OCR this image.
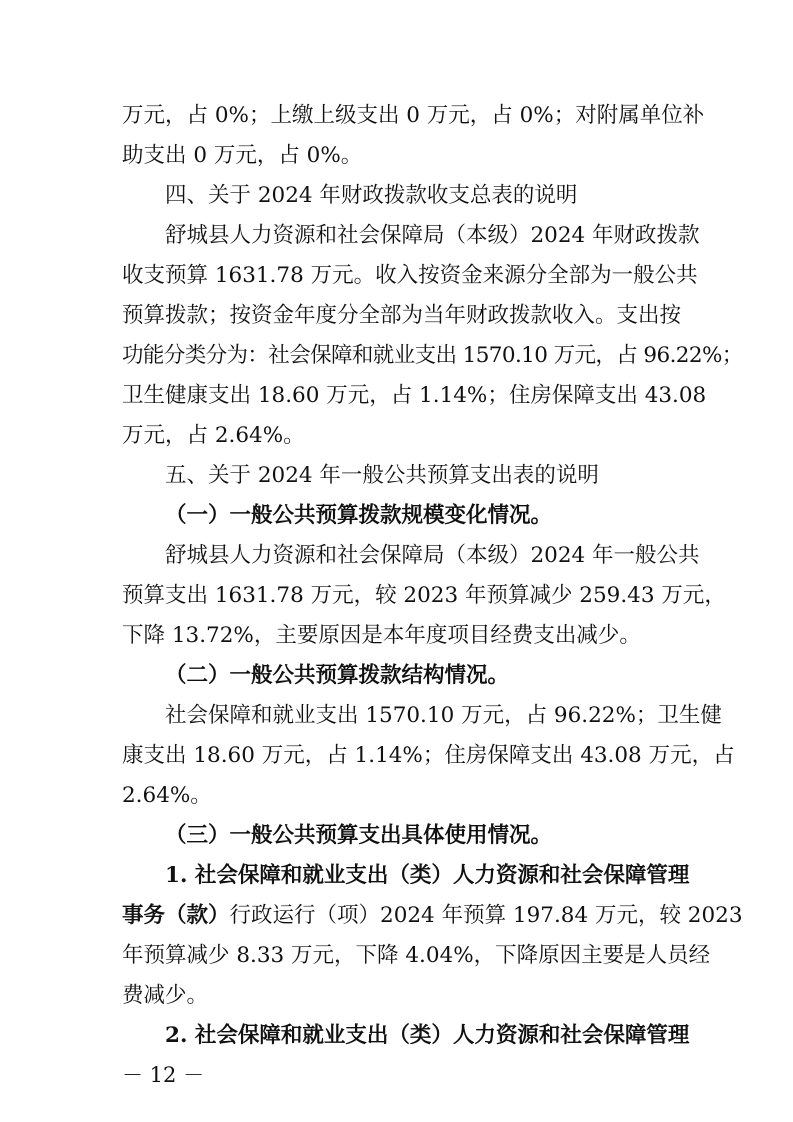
万元，占 0%；上缴上级支出 0 万元，占 0%；对附属单位补
助支出 0 万元，占 0%。
四、关于 2024 年财政拨款收支总表的说明
舒城县人力资源和社会保障局（本级）2024 年财政拨款
收支预算 1631.78 万元。收入按资金来源分全部为一般公共
预算拨款；按资金年度分全部为当年财政拨款收入。支出按
功能分类分为：社会保障和就业支出 1570.10 万元，占 96.22%；
卫生健康支出 18.60 万元，占 1.14%；住房保障支出 43.08
万元，占 2.64%。
五、关于 2024 年一般公共预算支出表的说明
（一）一般公共预算拨款规模变化情况。
舒城县人力资源和社会保障局（本级）2024 年一般公共
预算支出 1631.78 万元，较 2023 年预算减少 259.43 万元，
下降 13.72%，主要原因是本年度项目经费支出减少。
（二）一般公共预算拨款结构情况。
社会保障和就业支出 1570.10 万元，占 96.22%；卫生健
康支出 18.60 万元，占 1.14%；住房保障支出 43.08 万元，占
2.64%。
（三）一般公共预算支出具体使用情况。
1. 社会保障和就业支出（类）人力资源和社会保障管理
事务（款）行政运行（项）2024 年预算 197.84 万元，较 2023
年预算减少 8.33 万元，下降 4.04%，下降原因主要是人员经
费减少。
2. 社会保障和就业支出（类）人力资源和社会保障管理
－ 12 －
